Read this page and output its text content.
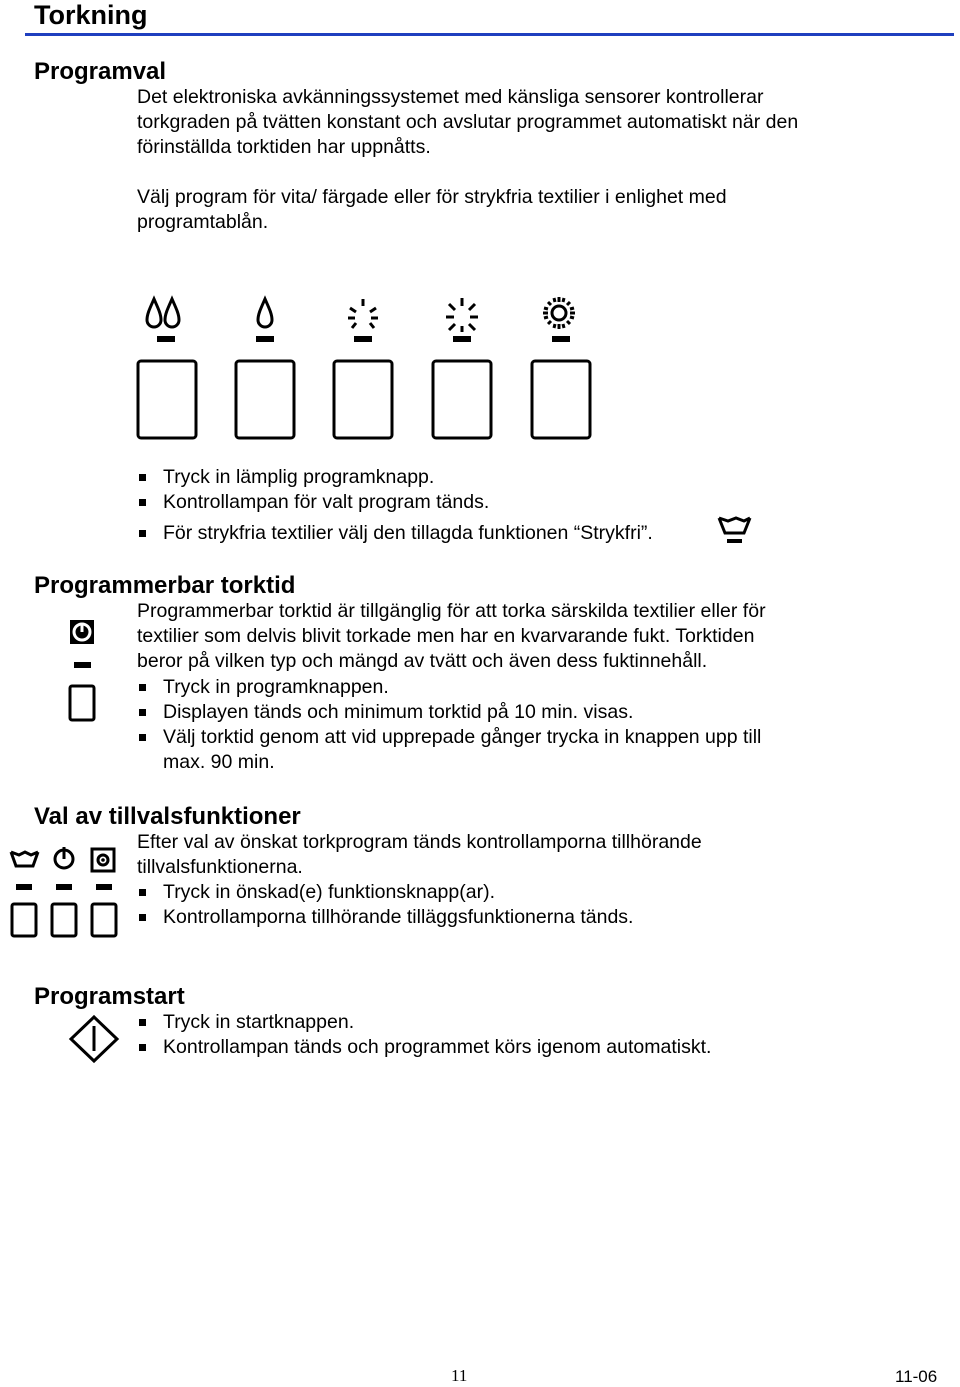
Torkning
Programval
Det elektroniska avkänningssystemet med känsliga sensorer kontrollerar
torkgraden på tvätten konstant och avslutar programmet automatiskt när den
förinställda torktiden har uppnåtts.
Välj program för vita/ färgade eller för strykfria textilier i enlighet med
programtablån.
Tryck in lämplig programknapp.
Kontrollampan för valt program tänds.
För strykfria textilier välj den tillagda funktionen “Strykfri”.
Programmerbar torktid
Programmerbar torktid är tillgänglig för att torka särskilda textilier eller för
textilier som delvis blivit torkade men har en kvarvarande fukt. Torktiden
beror på vilken typ och mängd av tvätt och även dess fuktinnehåll.
Tryck in programknappen.
Displayen tänds och minimum torktid på 10 min. visas.
Välj torktid genom att vid upprepade gånger trycka in knappen upp till
max. 90 min.
Val av tillvalsfunktioner
Efter val av önskat torkprogram tänds kontrollamporna tillhörande
tillvalsfunktionerna.
Tryck in önskad(e) funktionsknapp(ar).
Kontrollamporna tillhörande tilläggsfunktionerna tänds.
Programstart
Tryck in startknappen.
Kontrollampan tänds och programmet körs igenom automatiskt.
11	11-06
